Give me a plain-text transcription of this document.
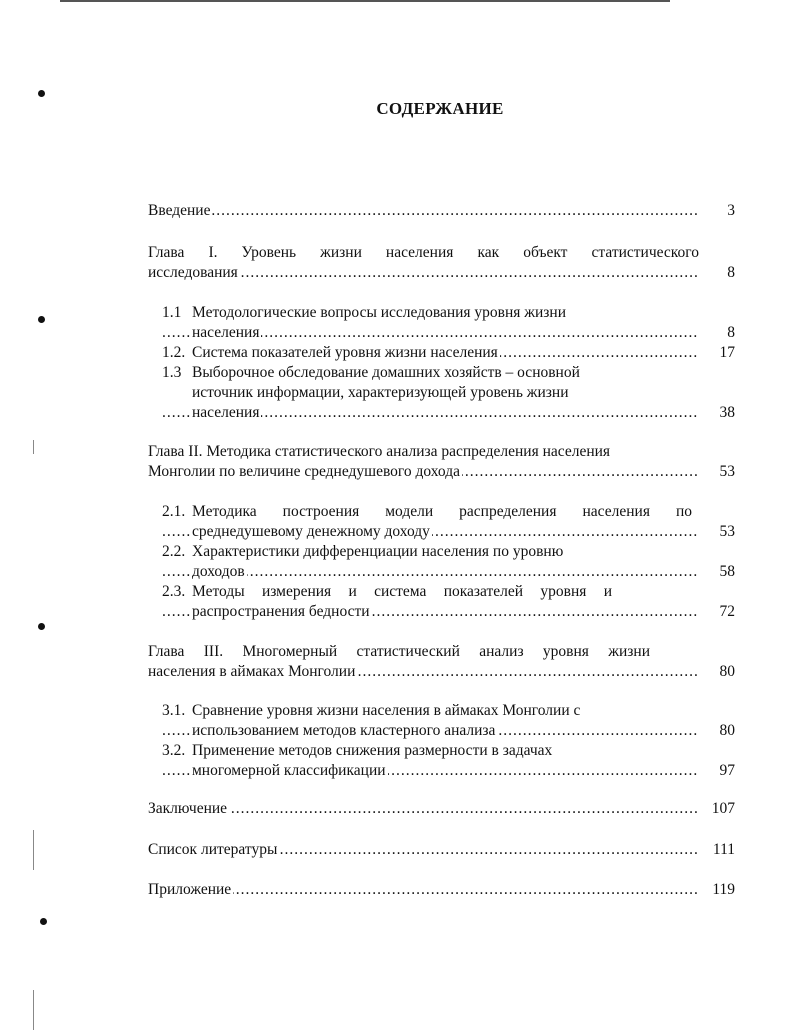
СОДЕРЖАНИЕ
..... Введение	3
Глава I. Уровень жизни населения как объект статистического
..... исследования	8
1.1 Методологические вопросы исследования уровня жизни
..... населения	8
..... 1.2. Система показателей уровня жизни населения	17
1.3 Выборочное обследование домашних хозяйств – основной
источник информации, характеризующей уровень жизни
..... населения	38
Глава II. Методика статистического анализа распределения населения
..... Монголии по величине среднедушевого дохода	53
2.1. Методика построения модели распределения населения по
..... среднедушевому денежному доходу	53
2.2. Характеристики дифференциации населения по уровню
..... доходов	58
2.3. Методы измерения и система показателей уровня и
..... распространения бедности	72
Глава III. Многомерный статистический анализ уровня жизни
..... населения в аймаках Монголии	80
3.1. Сравнение уровня жизни населения в аймаках Монголии с
..... использованием методов кластерного анализа	80
3.2. Применение методов снижения размерности в задачах
..... многомерной классификации	97
..... Заключение	107
..... Список литературы	111
..... Приложение	119
